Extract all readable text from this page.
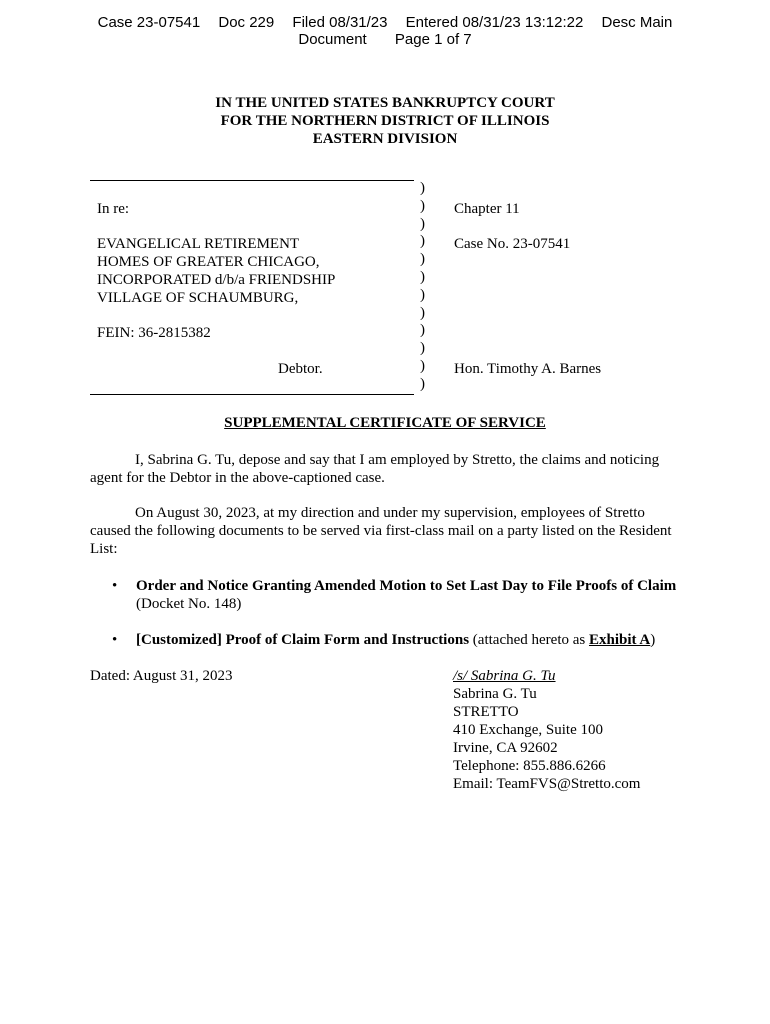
Case 23-07541 Doc 229 Filed 08/31/23 Entered 08/31/23 13:12:22 Desc Main
Document Page 1 of 7
IN THE UNITED STATES BANKRUPTCY COURT
FOR THE NORTHERN DISTRICT OF ILLINOIS
EASTERN DIVISION
)
)
)
)
)
)
)
)
)
)
)
)
In re:
EVANGELICAL RETIREMENT
HOMES OF GREATER CHICAGO,
INCORPORATED d/b/a FRIENDSHIP
VILLAGE OF SCHAUMBURG,
FEIN: 36-2815382
Debtor.
Chapter 11
Case No. 23-07541
Hon. Timothy A. Barnes
SUPPLEMENTAL CERTIFICATE OF SERVICE
I, Sabrina G. Tu, depose and say that I am employed by Stretto, the claims and noticing
agent for the Debtor in the above-captioned case.
On August 30, 2023, at my direction and under my supervision, employees of Stretto
caused the following documents to be served via first-class mail on a party listed on the Resident
List:
• Order and Notice Granting Amended Motion to Set Last Day to File Proofs of Claim
(Docket No. 148)
• [Customized] Proof of Claim Form and Instructions (attached hereto as Exhibit A)
Dated: August 31, 2023	/s/ Sabrina G. Tu
Sabrina G. Tu
STRETTO
410 Exchange, Suite 100
Irvine, CA 92602
Telephone: 855.886.6266
Email: TeamFVS@Stretto.com
